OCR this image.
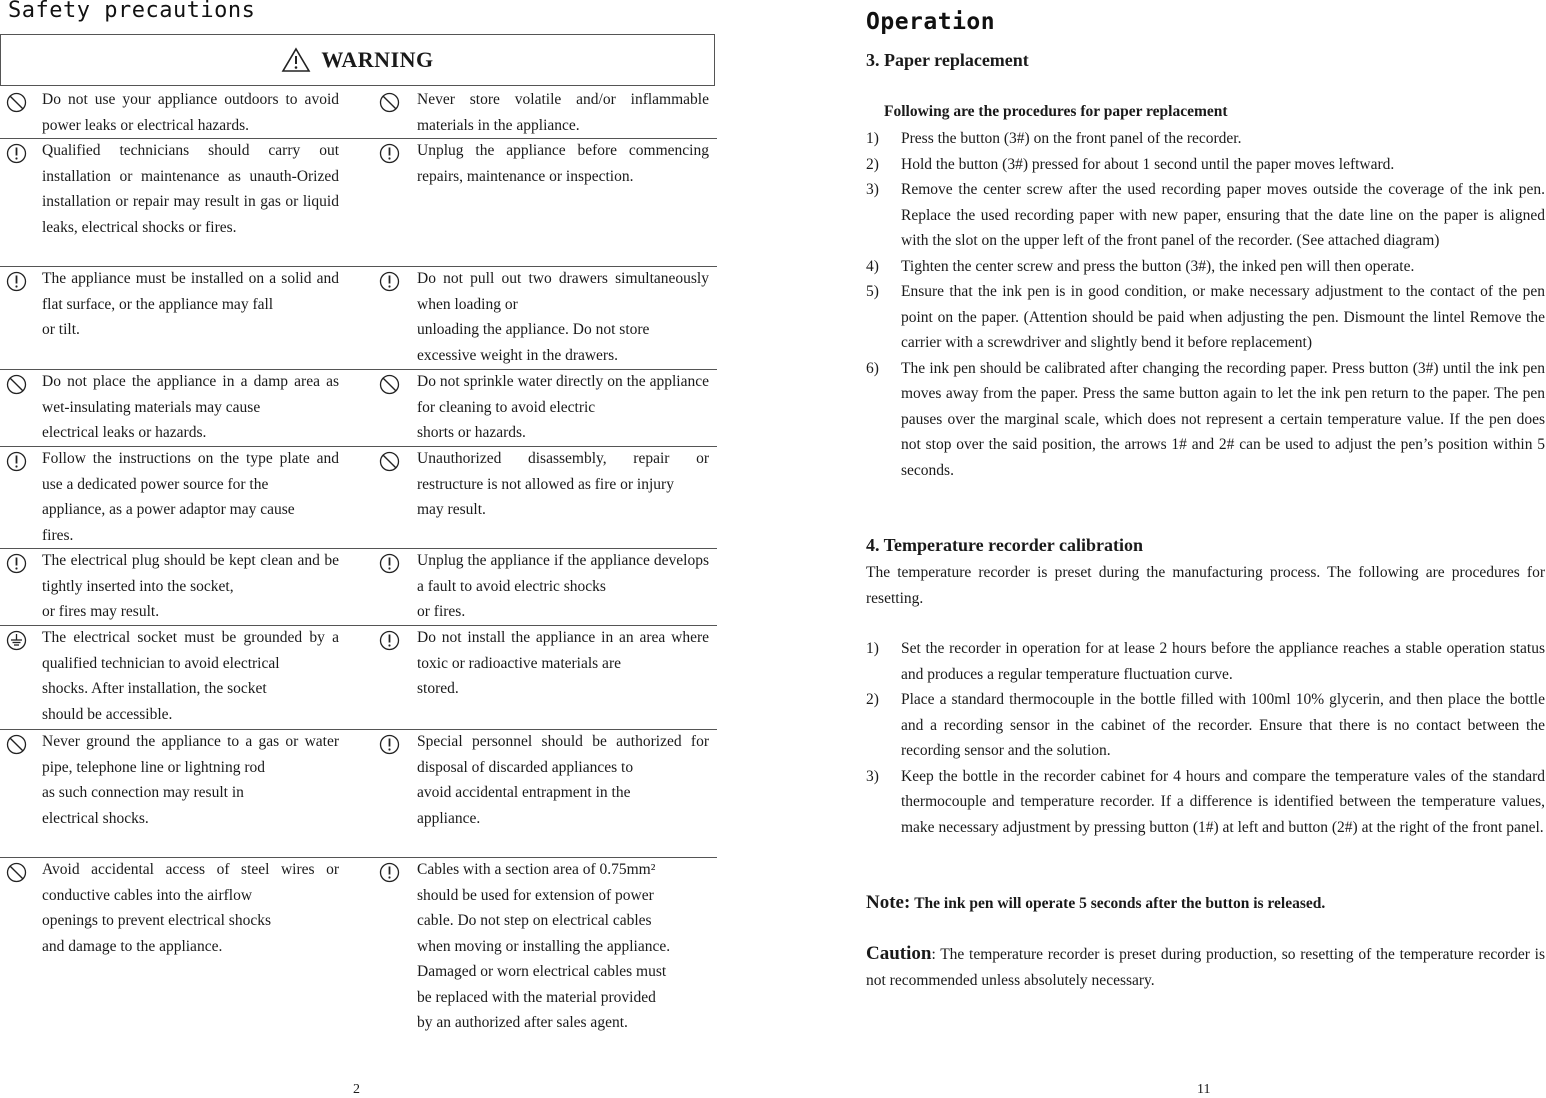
Safety precautions
WARNING
Do not use your appliance outdoors to avoid power leaks or electrical hazards.
Never store volatile and/or inflammable materials in the appliance.
Qualified technicians should carry out installation or maintenance as unauth-Orized installation or repair may result in gas or liquid leaks, electrical shocks or fires.
Unplug the appliance before commencing repairs, maintenance or inspection.
The appliance must be installed on a solid and flat surface, or the appliance may fall
or tilt.
Do not pull out two drawers simultaneously when loading or
unloading the appliance. Do not store
excessive weight in the drawers.
Do not place the appliance in a damp area as wet-insulating materials may cause
electrical leaks or hazards.
Do not sprinkle water directly on the appliance for cleaning to avoid electric
shorts or hazards.
Follow the instructions on the type plate and use a dedicated power source for the
appliance, as a power adaptor may cause
fires.
Unauthorized disassembly, repair or restructure is not allowed as fire or injury
may result.
The electrical plug should be kept clean and be tightly inserted into the socket,
or fires may result.
Unplug the appliance if the appliance develops a fault to avoid electric shocks
or fires.
The electrical socket must be grounded by a qualified technician to avoid electrical
shocks. After installation, the socket
should be accessible.
Do not install the appliance in an area where toxic or radioactive materials are
stored.
Never ground the appliance to a gas or water pipe, telephone line or lightning rod
as such connection may result in
electrical shocks.
Special personnel should be authorized for disposal of discarded appliances to
avoid accidental entrapment in the
appliance.
Avoid accidental access of steel wires or conductive cables into the airflow
openings to prevent electrical shocks
and damage to the appliance.
Cables with a section area of 0.75mm²
should be used for extension of power
cable. Do not step on electrical cables
when moving or installing the appliance.
Damaged or worn electrical cables must
be replaced with the material provided
by an authorized after sales agent.
2
Operation
3. Paper replacement
Following are the procedures for paper replacement
1) Press the button (3#) on the front panel of the recorder.
2) Hold the button (3#) pressed for about 1 second until the paper moves leftward.
3) Remove the center screw after the used recording paper moves outside the coverage of the ink pen. Replace the used recording paper with new paper, ensuring that the date line on the paper is aligned with the slot on the upper left of the front panel of the recorder. (See attached diagram)
4) Tighten the center screw and press the button (3#), the inked pen will then operate.
5) Ensure that the ink pen is in good condition, or make necessary adjustment to the contact of the pen point on the paper. (Attention should be paid when adjusting the pen. Dismount the lintel Remove the carrier with a screwdriver and slightly bend it before replacement)
6) The ink pen should be calibrated after changing the recording paper. Press button (3#) until the ink pen moves away from the paper. Press the same button again to let the ink pen return to the paper. The pen pauses over the marginal scale, which does not represent a certain temperature value. If the pen does not stop over the said position, the arrows 1# and 2# can be used to adjust the pen’s position within 5 seconds.
4. Temperature recorder calibration
The temperature recorder is preset during the manufacturing process. The following are procedures for resetting.
1) Set the recorder in operation for at lease 2 hours before the appliance reaches a stable operation status and produces a regular temperature fluctuation curve.
2) Place a standard thermocouple in the bottle filled with 100ml 10% glycerin, and then place the bottle and a recording sensor in the cabinet of the recorder. Ensure that there is no contact between the recording sensor and the solution.
3) Keep the bottle in the recorder cabinet for 4 hours and compare the temperature vales of the standard thermocouple and temperature recorder. If a difference is identified between the temperature values, make necessary adjustment by pressing button (1#) at left and button (2#) at the right of the front panel.
Note: The ink pen will operate 5 seconds after the button is released.
Caution: The temperature recorder is preset during production, so resetting of the temperature recorder is not recommended unless absolutely necessary.
11
